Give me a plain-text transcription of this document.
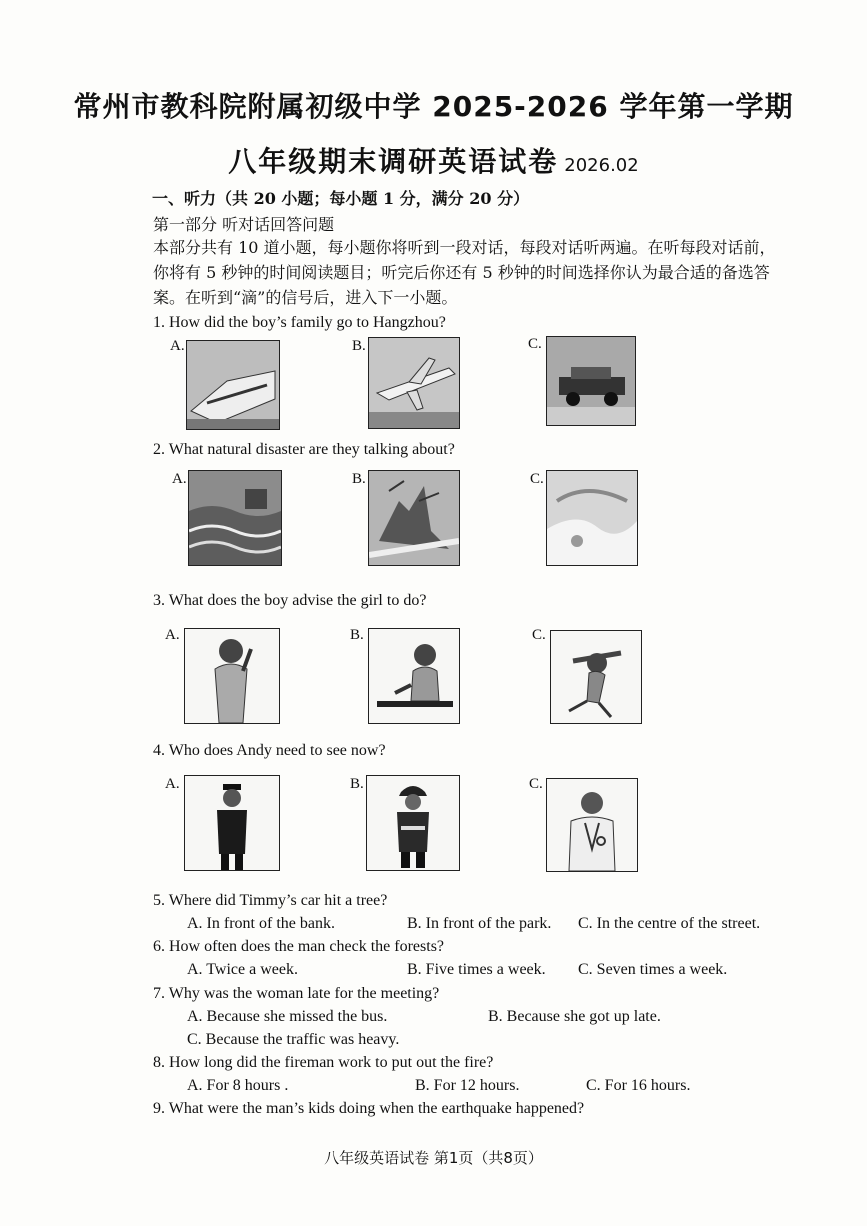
常州市教科院附属初级中学 2025-2026 学年第一学期
八年级期末调研英语试卷 2026.02
一、听力（共 20 小题；每小题 1 分，满分 20 分）
第一部分 听对话回答问题
本部分共有 10 道小题，每小题你将听到一段对话，每段对话听两遍。在听每段对话前，
你将有 5 秒钟的时间阅读题目；听完后你还有 5 秒钟的时间选择你认为最合适的备选答
案。在听到“滴”的信号后，进入下一小题。
1. How did the boy’s family go to Hangzhou?
A.	B.	C.
2. What natural disaster are they talking about?
A.	B.	C.
3. What does the boy advise the girl to do?
A.	B.	C.
4. Who does Andy need to see now?
A.	B.	C.
5. Where did Timmy’s car hit a tree?
A. In front of the bank.	B. In front of the park. C. In the centre of the street.
6. How often does the man check the forests?
A. Twice a week.	B. Five times a week. C. Seven times a week.
7. Why was the woman late for the meeting?
A. Because she missed the bus.	B. Because she got up late.
C. Because the traffic was heavy.
8. How long did the fireman work to put out the fire?
A. For 8 hours .	B. For 12 hours.	C. For 16 hours.
9. What were the man’s kids doing when the earthquake happened?
八年级英语试卷 第1页（共8页）
